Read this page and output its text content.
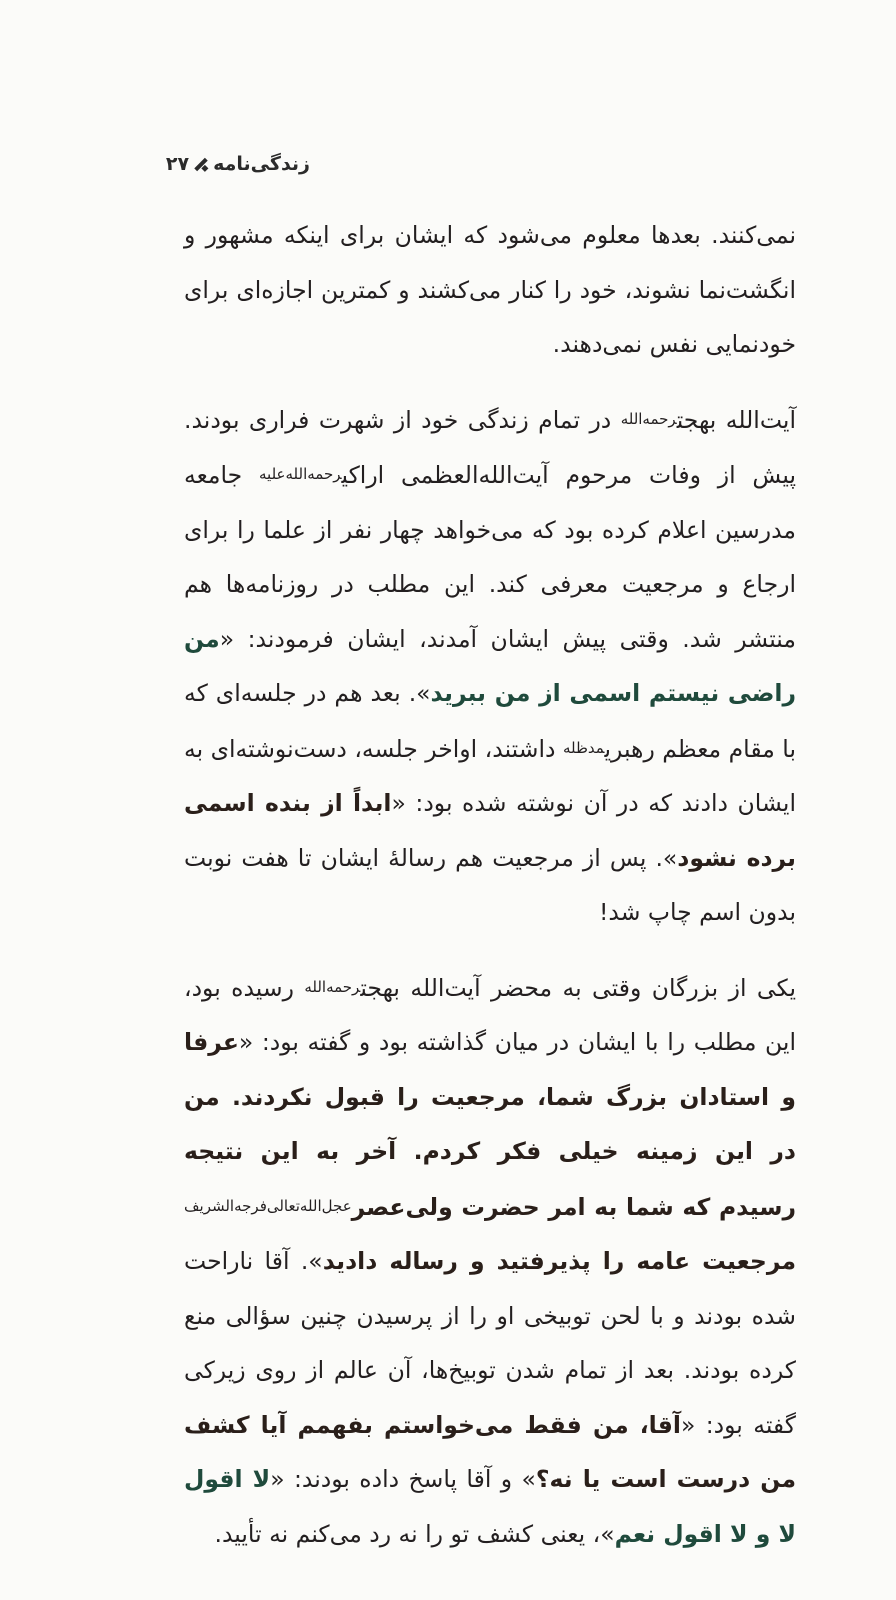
زندگی‌نامه
۲۷

نمی‌کنند. بعدها معلوم می‌شود که ایشان برای اینکه مشهور و انگشت‌نما نشوند، خود را کنار می‌کشند و کمترین اجازه‌ای برای خودنمایی نفس نمی‌دهند.

آیت‌الله بهجترحمه‌الله در تمام زندگی خود از شهرت فراری بودند. پیش از وفات مرحوم آیت‌الله‌العظمی اراکیرحمه‌الله‌علیه جامعه مدرسین اعلام کرده بود که می‌خواهد چهار نفر از علما را برای ارجاع و مرجعیت معرفی کند. این مطلب در روزنامه‌ها هم منتشر شد. وقتی پیش ایشان آمدند، ایشان فرمودند: «من راضی نیستم اسمی از من ببرید». بعد هم در جلسه‌ای که با مقام معظم رهبریمدظله داشتند، اواخر جلسه، دست‌نوشته‌ای به ایشان دادند که در آن نوشته شده بود: «ابداً از بنده اسمی برده نشود». پس از مرجعیت هم رسالهٔ ایشان تا هفت نوبت بدون اسم چاپ شد!

یکی از بزرگان وقتی به محضر آیت‌الله بهجترحمه‌الله رسیده بود، این مطلب را با ایشان در میان گذاشته بود و گفته بود: «عرفا و استادان بزرگ شما، مرجعیت را قبول نکردند. من در این زمینه خیلی فکر کردم. آخر به این نتیجه رسیدم که شما به امر حضرت ولی‌عصرعجل‌الله‌تعالی‌فرجه‌الشریف مرجعیت عامه را پذیرفتید و رساله دادید». آقا ناراحت شده بودند و با لحن توبیخی او را از پرسیدن چنین سؤالی منع کرده بودند. بعد از تمام شدن توبیخ‌ها، آن عالم از روی زیرکی گفته بود: «آقا، من فقط می‌خواستم بفهمم آیا کشف من درست است یا نه؟» و آقا پاسخ داده بودند: «لا اقول لا و لا اقول نعم»، یعنی کشف تو را نه رد می‌کنم نه تأیید.
